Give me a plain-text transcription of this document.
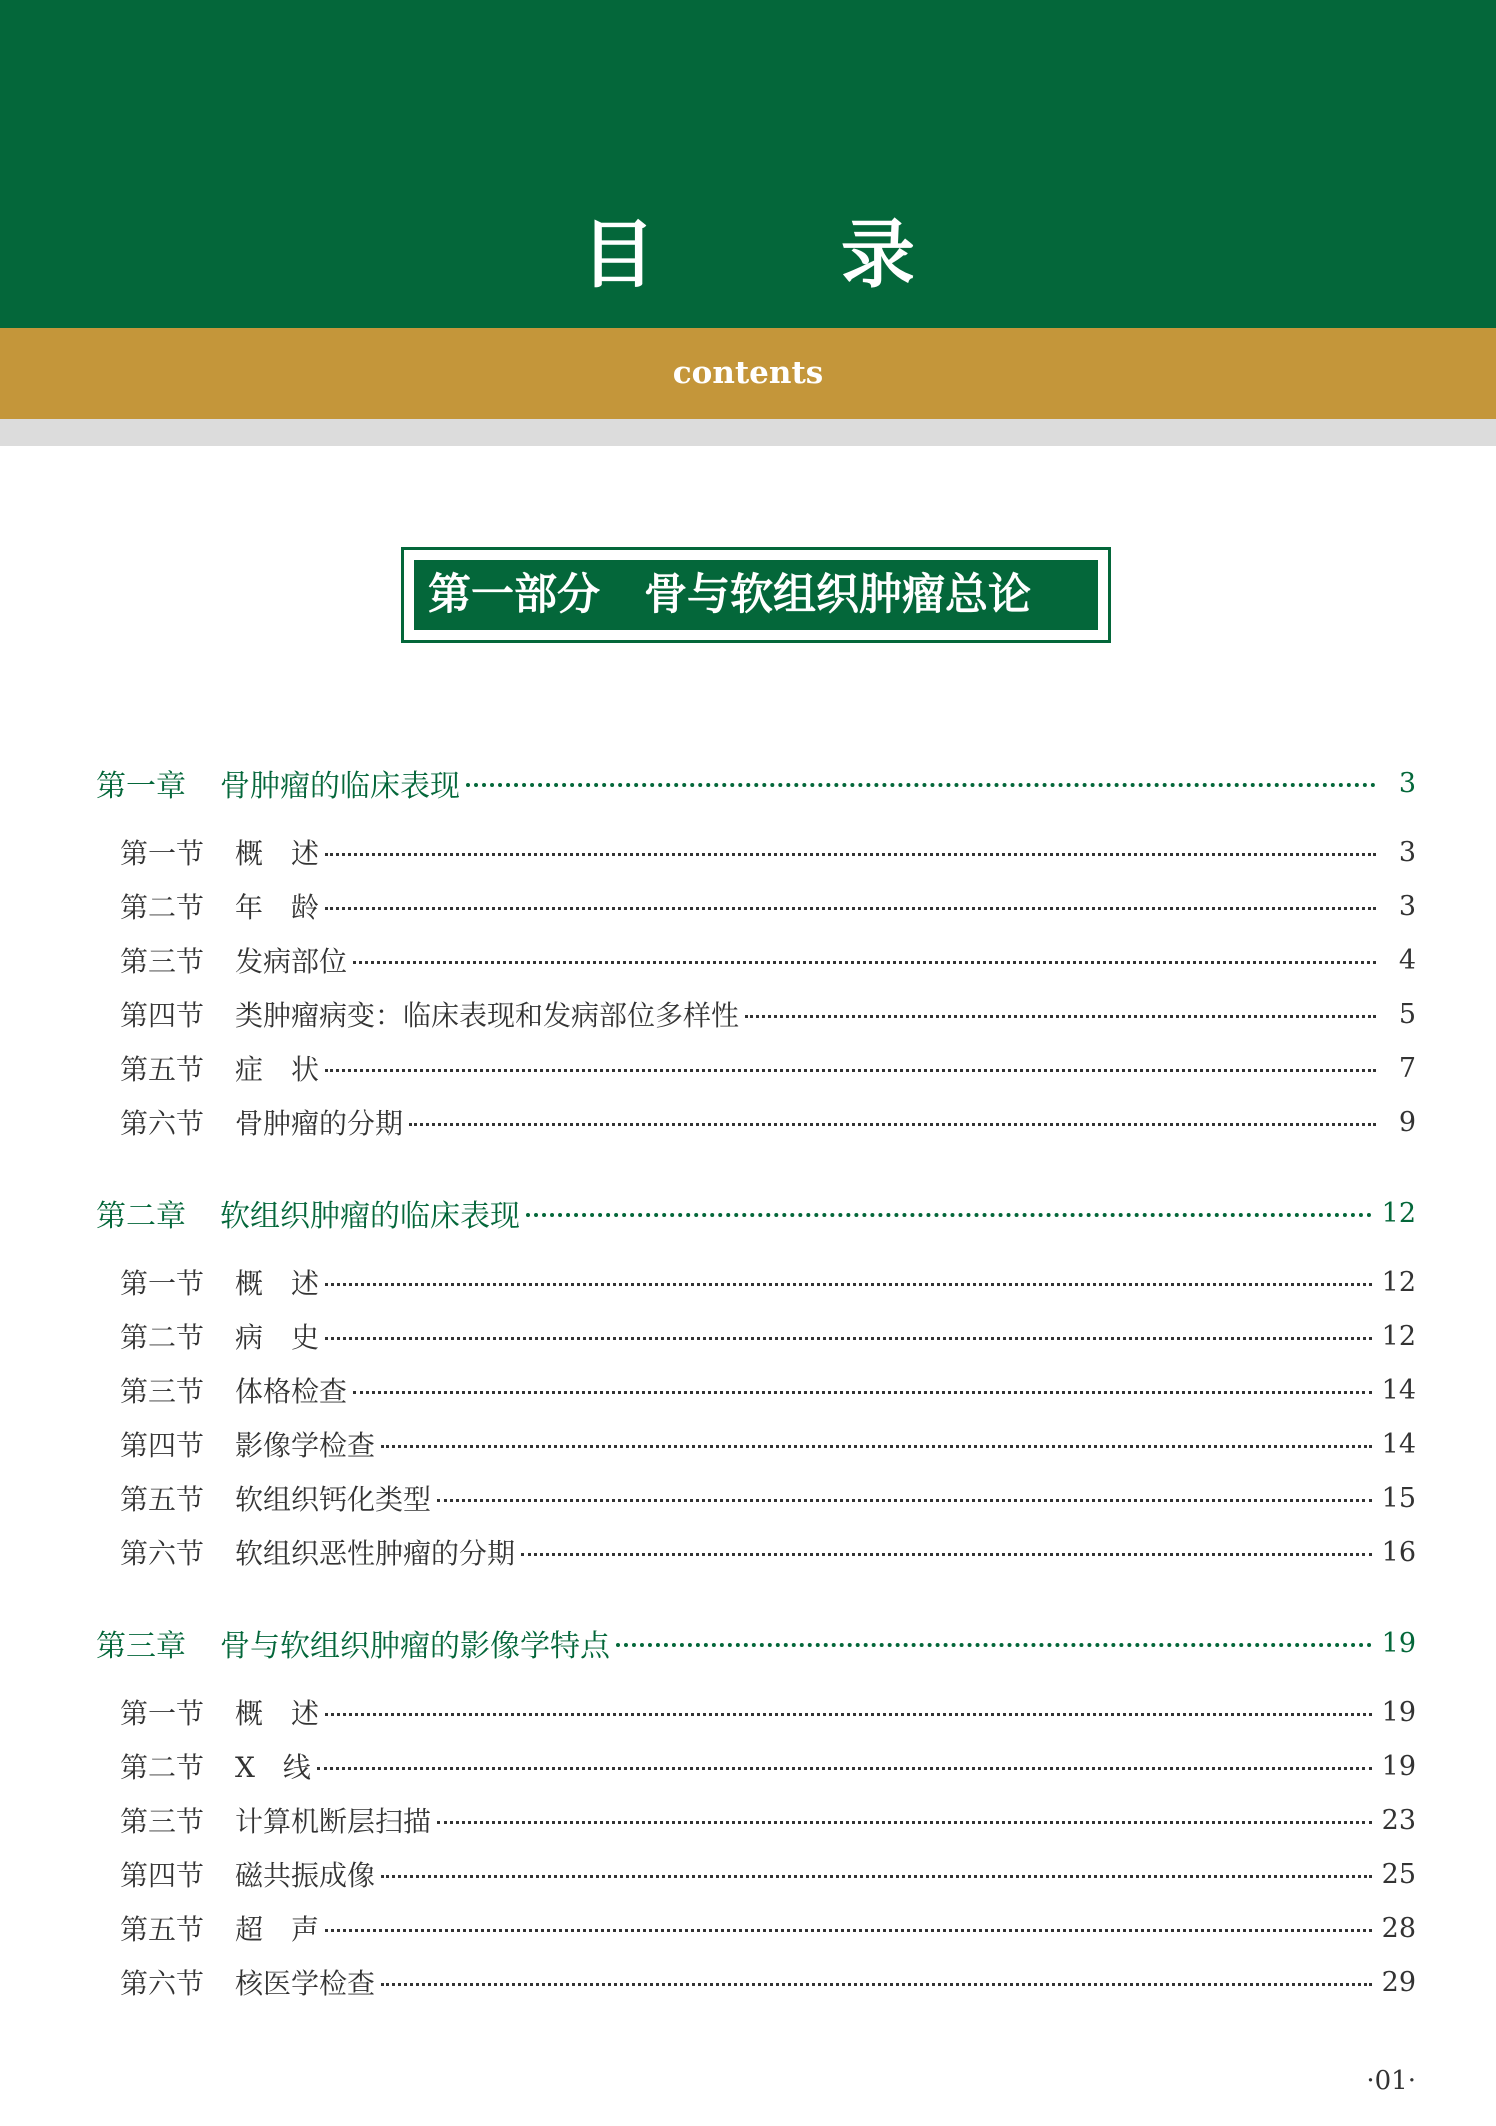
目 录
contents
第一部分 骨与软组织肿瘤总论
第一章	骨肿瘤的临床表现	3
第一节	概　述	3
第二节	年　龄	3
第三节	发病部位	4
第四节	类肿瘤病变：临床表现和发病部位多样性	5
第五节	症　状	7
第六节	骨肿瘤的分期	9
第二章	软组织肿瘤的临床表现	12
第一节	概　述	12
第二节	病　史	12
第三节	体格检查	14
第四节	影像学检查	14
第五节	软组织钙化类型	15
第六节	软组织恶性肿瘤的分期	16
第三章	骨与软组织肿瘤的影像学特点	19
第一节	概　述	19
第二节	X　线	19
第三节	计算机断层扫描	23
第四节	磁共振成像	25
第五节	超　声	28
第六节	核医学检查	29
·01·
